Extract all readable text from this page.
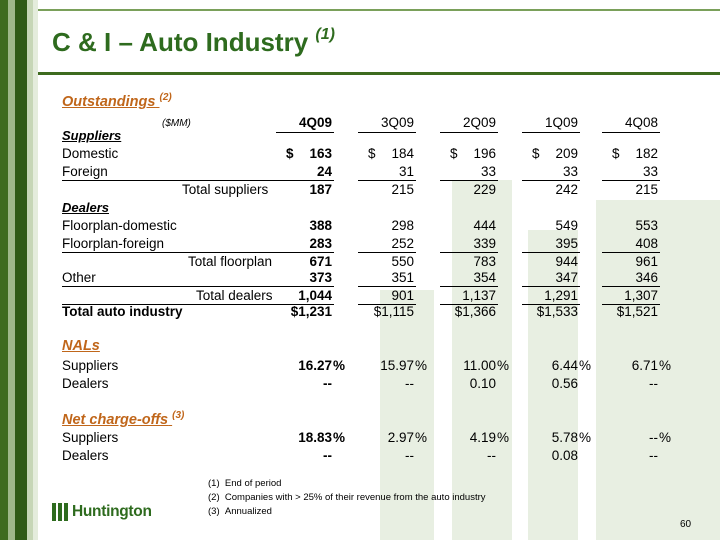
C & I – Auto Industry $^{(1)}$
Outstandings $^{(2)}$
($MM)	4Q09	3Q09	2Q09	1Q09	4Q08
Suppliers
Domestic	$	163	$	184	$	196	$	209	$	182
Foreign	24	31	33	33	33
Total suppliers	187	215	229	242	215
Dealers
Floorplan-domestic	388	298	444	549	553
Floorplan-foreign	283	252	339	395	408
Total floorplan	671	550	783	944	961
Other	373	351	354	347	346
Total dealers	1,044	901	1,137	1,291	1,307
Total auto industry	$1,231	$1,115	$1,366	$1,533	$1,521
NALs
Suppliers	16.27 %	15.97 %	11.00 %	6.44 %	6.71 %
Dealers	--	--	0.10	0.56	--
Net charge-offs $^{(3)}$
Suppliers	18.83 %	2.97 %	4.19 %	5.78 %	-- %
Dealers	--	--	--	0.08	--
(1) End of period
(2) Companies with > 25% of their revenue from the auto industry
(3) Annualized
Huntington
60
